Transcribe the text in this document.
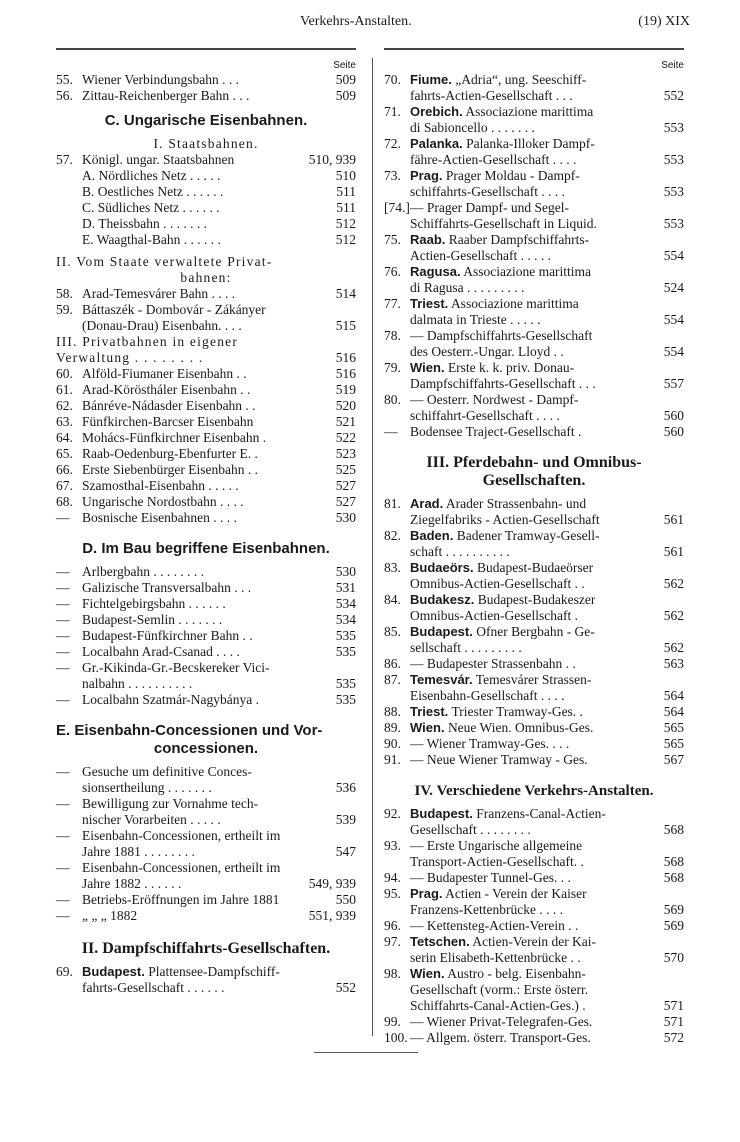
Verkehrs-Anstalten.	(19) XIX
Seite
55. Wiener Verbindungsbahn . . .	509
56. Zittau-Reichenberger Bahn . . .	509
C. Ungarische Eisenbahnen.
I. Staatsbahnen.
57. Königl. ungar. Staatsbahnen	510, 939
A. Nördliches Netz . . . . .	510
B. Oestliches Netz . . . . . .	511
C. Südliches Netz . . . . . .	511
D. Theissbahn . . . . . . .	512
E. Waagthal-Bahn . . . . . .	512
II. Vom Staate verwaltete Privat-
bahnen:
58. Arad-Temesvárer Bahn . . . .	514
59. Báttaszék - Dombovár - Zákányer
(Donau-Drau) Eisenbahn. . . .	515
III. Privatbahnen in eigener
Verwaltung . . . . . . . .	516
60. Alföld-Fiumaner Eisenbahn . .	516
61. Arad-Köröstháler Eisenbahn . .	519
62. Bánréve-Nádasder Eisenbahn . .	520
63. Fünfkirchen-Barcser Eisenbahn	521
64. Mohács-Fünfkirchner Eisenbahn .	522
65. Raab-Oedenburg-Ebenfurter E. .	523
66. Erste Siebenbürger Eisenbahn . .	525
67. Szamosthal-Eisenbahn . . . . .	527
68. Ungarische Nordostbahn . . . .	527
— Bosnische Eisenbahnen . . . .	530
D. Im Bau begriffene Eisenbahnen.
— Arlbergbahn . . . . . . . .	530
— Galizische Transversalbahn . . .	531
— Fichtelgebirgsbahn . . . . . .	534
— Budapest-Semlin . . . . . . .	534
— Budapest-Fünfkirchner Bahn . .	535
— Localbahn Arad-Csanad . . . .	535
— Gr.-Kikinda-Gr.-Becskereker Vici-
nalbahn . . . . . . . . . .	535
— Localbahn Szatmár-Nagybánya .	535
E. Eisenbahn-Concessionen und Vor-
concessionen.
— Gesuche um definitive Conces-
sionsertheilung . . . . . . .	536
— Bewilligung zur Vornahme tech-
nischer Vorarbeiten . . . . .	539
— Eisenbahn-Concessionen, ertheilt im
Jahre 1881 . . . . . . . .	547
— Eisenbahn-Concessionen, ertheilt im
Jahre 1882 . . . . . .	549, 939
— Betriebs-Eröffnungen im Jahre 1881	550
— „ „ „ 1882	551, 939
II. Dampfschiffahrts-Gesellschaften.
69. Budapest. Plattensee-Dampfschiff-
fahrts-Gesellschaft . . . . . .	552
Seite
70. Fiume. „Adria“, ung. Seeschiff-
fahrts-Actien-Gesellschaft . . .	552
71. Orebich. Associazione marittima
di Sabioncello . . . . . . .	553
72. Palanka. Palanka-Illoker Dampf-
fähre-Actien-Gesellschaft . . . .	553
73. Prag. Prager Moldau - Dampf-
schiffahrts-Gesellschaft . . . .	553
[74.] — Prager Dampf- und Segel-
Schiffahrts-Gesellschaft in Liquid.	553
75. Raab. Raaber Dampfschiffahrts-
Actien-Gesellschaft . . . . .	554
76. Ragusa. Associazione marittima
di Ragusa . . . . . . . . .	524
77. Triest. Associazione marittima
dalmata in Trieste . . . . .	554
78. — Dampfschiffahrts-Gesellschaft
des Oesterr.-Ungar. Lloyd . .	554
79. Wien. Erste k. k. priv. Donau-
Dampfschiffahrts-Gesellschaft . . .	557
80. — Oesterr. Nordwest - Dampf-
schiffahrt-Gesellschaft . . . .	560
— Bodensee Traject-Gesellschaft .	560
III. Pferdebahn- und Omnibus-
Gesellschaften.
81. Arad. Arader Strassenbahn- und
Ziegelfabriks - Actien-Gesellschaft	561
82. Baden. Badener Tramway-Gesell-
schaft . . . . . . . . . .	561
83. Budaeörs. Budapest-Budaeörser
Omnibus-Actien-Gesellschaft . .	562
84. Budakesz. Budapest-Budakeszer
Omnibus-Actien-Gesellschaft .	562
85. Budapest. Ofner Bergbahn - Ge-
sellschaft . . . . . . . . .	562
86. — Budapester Strassenbahn . .	563
87. Temesvár. Temesvárer Strassen-
Eisenbahn-Gesellschaft . . . .	564
88. Triest. Triester Tramway-Ges. .	564
89. Wien. Neue Wien. Omnibus-Ges.	565
90. — Wiener Tramway-Ges. . . .	565
91. — Neue Wiener Tramway - Ges.	567
IV. Verschiedene Verkehrs-Anstalten.
92. Budapest. Franzens-Canal-Actien-
Gesellschaft . . . . . . . .	568
93. — Erste Ungarische allgemeine
Transport-Actien-Gesellschaft. .	568
94. — Budapester Tunnel-Ges. . .	568
95. Prag. Actien - Verein der Kaiser
Franzens-Kettenbrücke . . . .	569
96. — Kettensteg-Actien-Verein . .	569
97. Tetschen. Actien-Verein der Kai-
serin Elisabeth-Kettenbrücke . .	570
98. Wien. Austro - belg. Eisenbahn-
Gesellschaft (vorm.: Erste österr.
Schiffahrts-Canal-Actien-Ges.) .	571
99. — Wiener Privat-Telegrafen-Ges.	571
100. — Allgem. österr. Transport-Ges.	572
